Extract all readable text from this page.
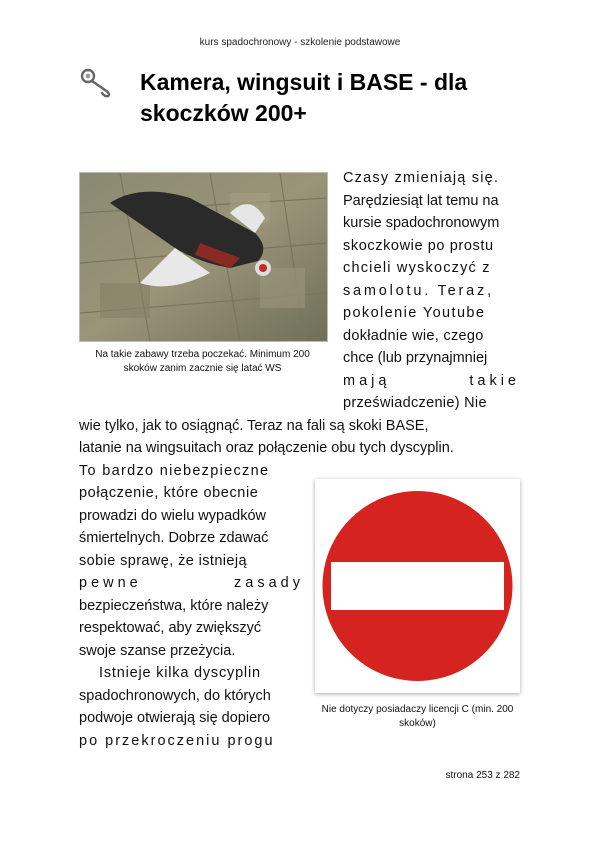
kurs spadochronowy - szkolenie podstawowe
Kamera, wingsuit i BASE - dla skoczków 200+
Na takie zabawy trzeba poczekać. Minimum 200 skoków zanim zacznie się latać WS
Czasy zmieniają się.
Parędziesiąt lat temu na
kursie spadochronowym
skoczkowie po prostu
chcieli wyskoczyć z
samolotu. Teraz,
pokolenie Youtube
dokładnie wie, czego
chce (lub przynajmniej
mają takie
przeświadczenie) Nie
wie tylko, jak to osiągnąć. Teraz na fali są skoki BASE,
latanie na wingsuitach oraz połączenie obu tych dyscyplin.
To bardzo niebezpieczne
połączenie, które obecnie
prowadzi do wielu wypadków
śmiertelnych. Dobrze zdawać
sobie sprawę, że istnieją
pewne zasady
bezpieczeństwa, które należy
respektować, aby zwiększyć
swoje szanse przeżycia.
Istnieje kilka dyscyplin
spadochronowych, do których
podwoje otwierają się dopiero
po przekroczeniu progu
Nie dotyczy posiadaczy licencji C (min. 200 skoków)
strona 253 z 282
